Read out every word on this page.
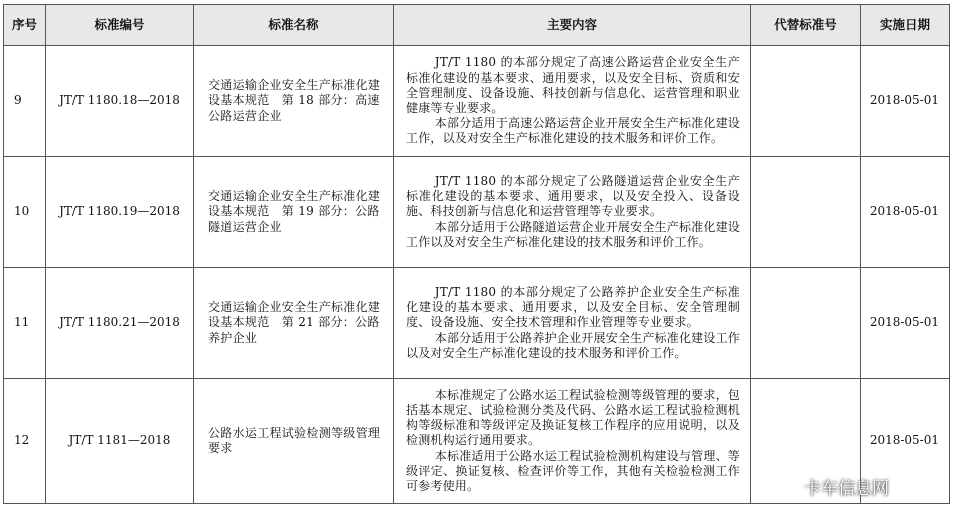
序号	标准编号	标准名称	主要内容	代替标准号	实施日期
9	JT/T 1180.18—2018	交通运输企业安全生产标准化建设基本规范　第 18 部分：高速公路运营企业	JT/T 1180 的本部分规定了高速公路运营企业安全生产标准化建设的基本要求、通用要求，以及安全目标、资质和安全管理制度、设备设施、科技创新与信息化、运营管理和职业健康等专业要求。

本部分适用于高速公路运营企业开展安全生产标准化建设工作，以及对安全生产标准化建设的技术服务和评价工作。		2018-05-01
10	JT/T 1180.19—2018	交通运输企业安全生产标准化建设基本规范　第 19 部分：公路隧道运营企业	JT/T 1180 的本部分规定了公路隧道运营企业安全生产标准化建设的基本要求、通用要求，以及安全投入、设备设施、科技创新与信息化和运营管理等专业要求。

本部分适用于公路隧道运营企业开展安全生产标准化建设工作以及对安全生产标准化建设的技术服务和评价工作。		2018-05-01
11	JT/T 1180.21—2018	交通运输企业安全生产标准化建设基本规范　第 21 部分：公路养护企业	JT/T 1180 的本部分规定了公路养护企业安全生产标准化建设的基本要求、通用要求，以及安全目标、安全管理制度、设备设施、安全技术管理和作业管理等专业要求。

本部分适用于公路养护企业开展安全生产标准化建设工作以及对安全生产标准化建设的技术服务和评价工作。		2018-05-01
12	JT/T 1181—2018	公路水运工程试验检测等级管理要求	本标准规定了公路水运工程试验检测等级管理的要求，包括基本规定、试验检测分类及代码、公路水运工程试验检测机构等级标准和等级评定及换证复核工作程序的应用说明，以及检测机构运行通用要求。

本标准适用于公路水运工程试验检测机构建设与管理、等级评定、换证复核、检查评价等工作，其他有关检验检测工作可参考使用。		2018-05-01
卡车信息网
